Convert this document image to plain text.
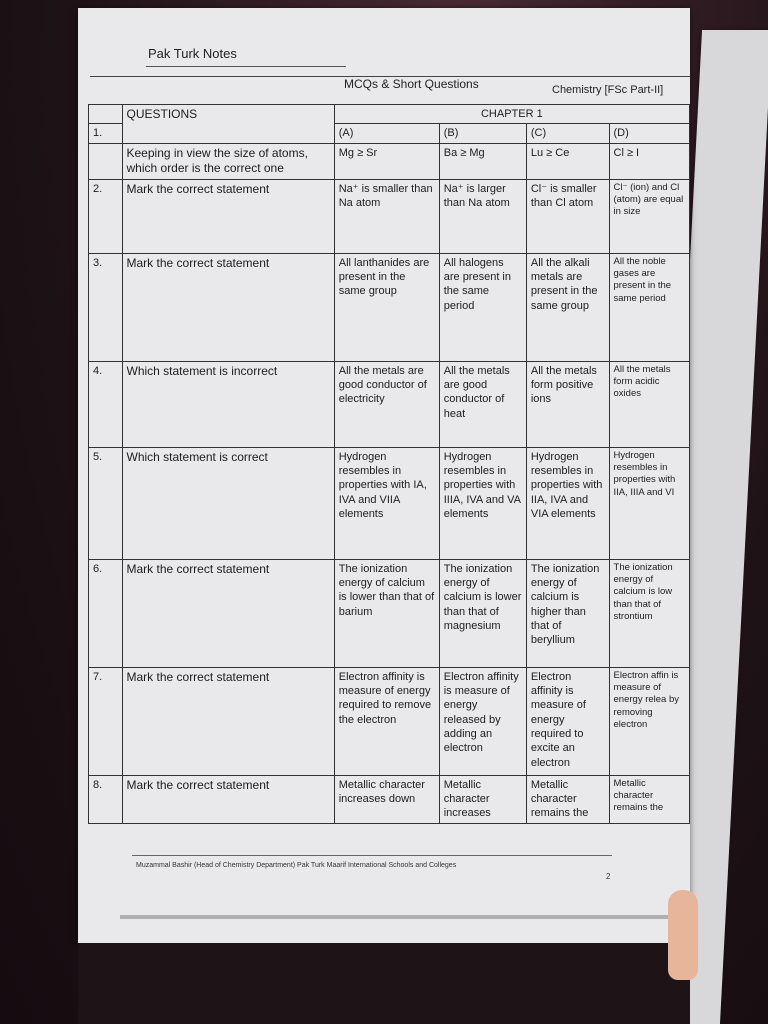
Pak Turk Notes
MCQs & Short Questions	Chemistry [FSc Part-II]
	QUESTIONS	CHAPTER 1			
1.		(A)	(B)	(C)	(D)
	Keeping in view the size of atoms, which order is the correct one	Mg ≥ Sr	Ba ≥ Mg	Lu ≥ Ce	Cl ≥ I
2.	Mark the correct statement	Na⁺ is smaller than Na atom	Na⁺ is larger than Na atom	Cl⁻ is smaller than Cl atom	Cl⁻ (ion) and Cl (atom) are equal in size
3.	Mark the correct statement	All lanthanides are present in the same group	All halogens are present in the same period	All the alkali metals are present in the same group	All the noble gases are present in the same period
4.	Which statement is incorrect	All the metals are good conductor of electricity	All the metals are good conductor of heat	All the metals form positive ions	All the metals form acidic oxides
5.	Which statement is correct	Hydrogen resembles in properties with IA, IVA and VIIA elements	Hydrogen resembles in properties with IIIA, IVA and VA elements	Hydrogen resembles in properties with IIA, IVA and VIA elements	Hydrogen resembles in properties with IIA, IIIA and VI
6.	Mark the correct statement	The ionization energy of calcium is lower than that of barium	The ionization energy of calcium is lower than that of magnesium	The ionization energy of calcium is higher than that of beryllium	The ionization energy of calcium is low than that of strontium
7.	Mark the correct statement	Electron affinity is measure of energy required to remove the electron	Electron affinity is measure of energy released by adding an electron	Electron affinity is measure of energy required to excite an electron	Electron affin is measure of energy relea by removing electron
8.	Mark the correct statement	Metallic character increases down	Metallic character increases	Metallic character remains the	Metallic character remains the
Muzammal Bashir (Head of Chemistry Department) Pak Turk Maarif International Schools and Colleges
2
